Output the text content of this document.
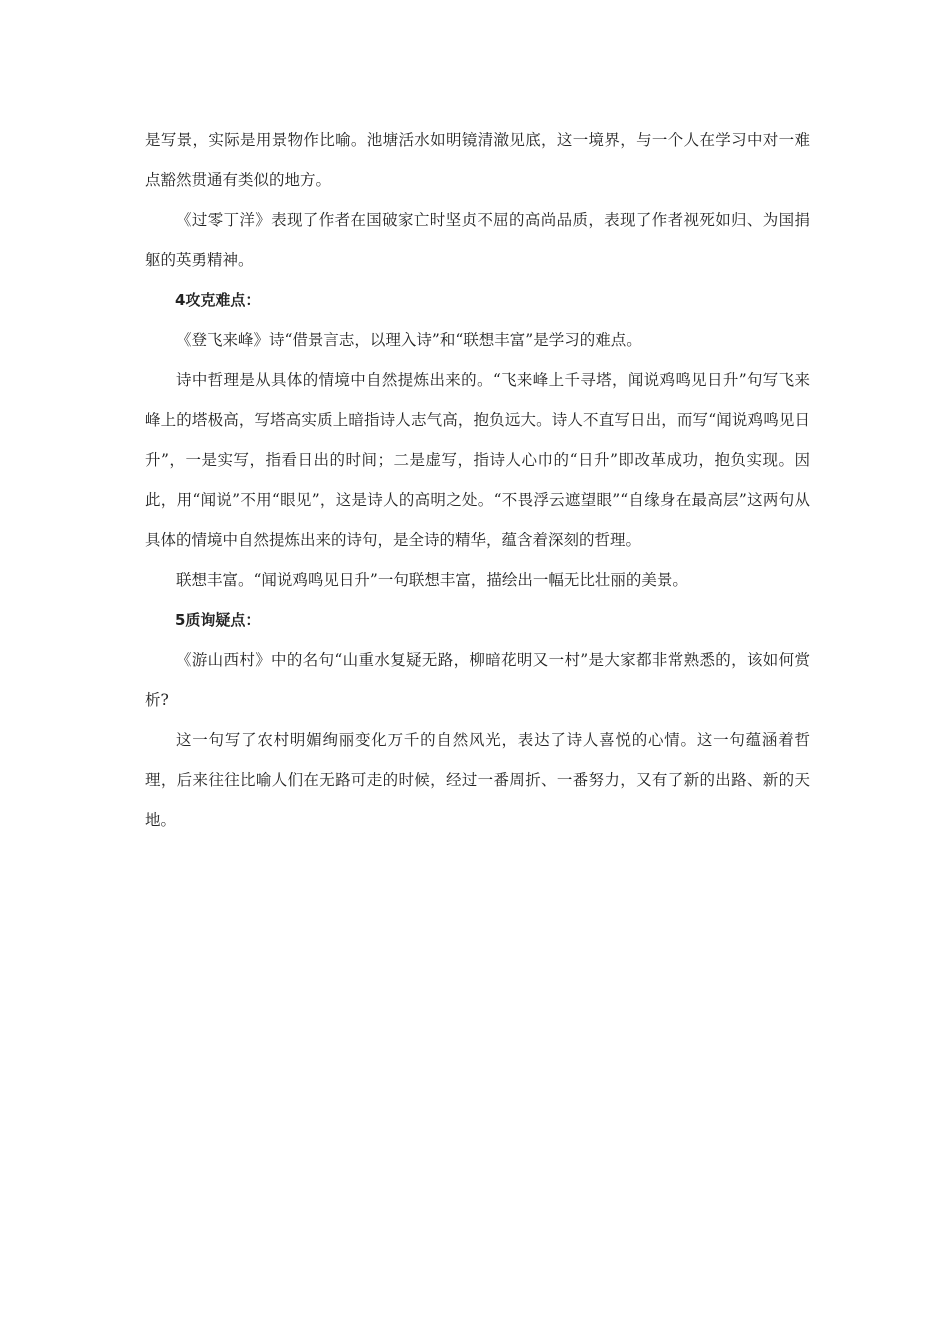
是写景，实际是用景物作比喻。池塘活水如明镜清澈见底，这一境界，与一个人在学习中对一难点豁然贯通有类似的地方。

《过零丁洋》表现了作者在国破家亡时坚贞不屈的高尚品质，表现了作者视死如归、为国捐躯的英勇精神。

4攻克难点：

《登飞来峰》诗“借景言志，以理入诗”和“联想丰富”是学习的难点。

诗中哲理是从具体的情境中自然提炼出来的。“飞来峰上千寻塔，闻说鸡鸣见日升”句写飞来峰上的塔极高，写塔高实质上暗指诗人志气高，抱负远大。诗人不直写日出，而写“闻说鸡鸣见日升”，一是实写，指看日出的时间；二是虚写，指诗人心巾的“日升”即改革成功，抱负实现。因此，用“闻说”不用“眼见”，这是诗人的高明之处。“不畏浮云遮望眼”“自缘身在最高层”这两句从具体的情境中自然提炼出来的诗句，是全诗的精华，蕴含着深刻的哲理。

联想丰富。“闻说鸡鸣见日升”一句联想丰富，描绘出一幅无比壮丽的美景。

5质询疑点：

《游山西村》中的名句“山重水复疑无路，柳暗花明又一村”是大家都非常熟悉的，该如何赏析?

这一句写了农村明媚绚丽变化万千的自然风光，表达了诗人喜悦的心情。这一句蕴涵着哲理，后来往往比喻人们在无路可走的时候，经过一番周折、一番努力，又有了新的出路、新的天地。
